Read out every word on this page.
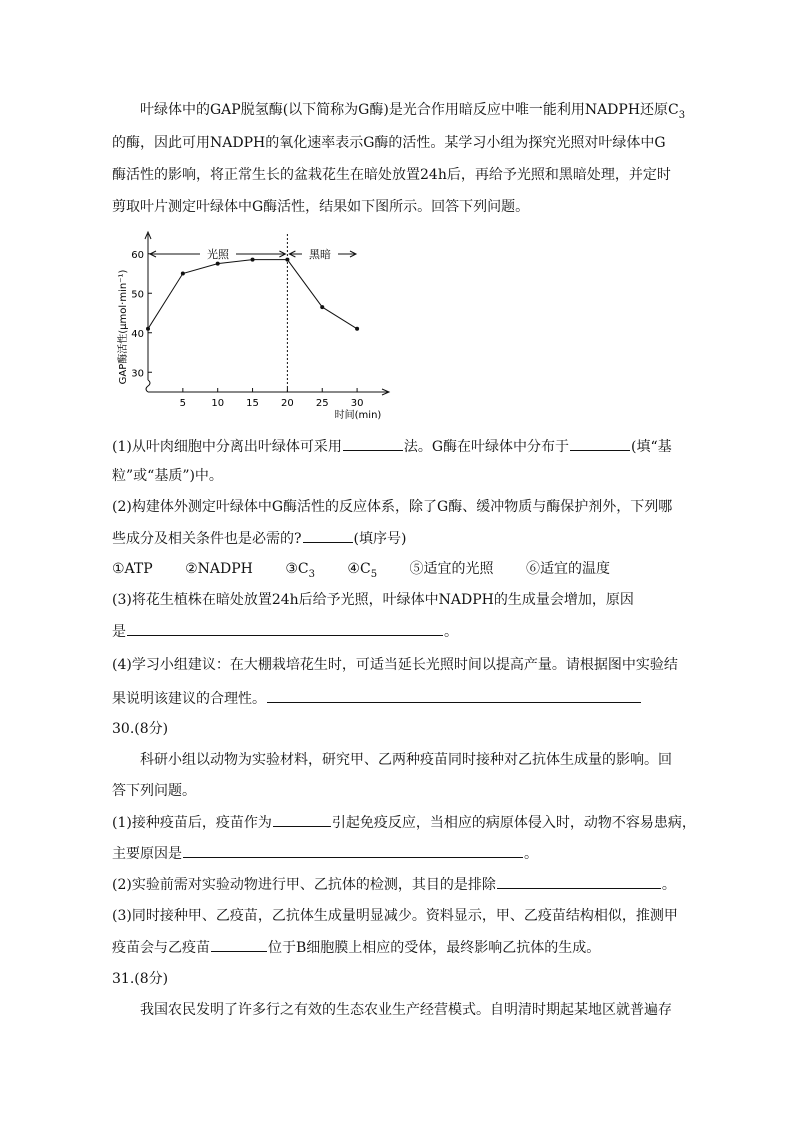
叶绿体中的GAP脱氢酶(以下简称为G酶)是光合作用暗反应中唯一能利用NADPH还原$C_3$
的酶，因此可用NADPH的氧化速率表示G酶的活性。某学习小组为探究光照对叶绿体中G
酶活性的影响，将正常生长的盆栽花生在暗处放置24h后，再给予光照和黑暗处理，并定时
剪取叶片测定叶绿体中G酶活性，结果如下图所示。回答下列问题。
30
40
50
60
5	10 15 20 25 30
GAP酶活性(μmol·min⁻¹)
时间(min)
光照	黑暗
(1)从叶肉细胞中分离出叶绿体可采用	法。G酶在叶绿体中分布于	(填“基
粒”或“基质”)中。
(2)构建体外测定叶绿体中G酶活性的反应体系，除了G酶、缓冲物质与酶保护剂外，下列哪
些成分及相关条件也是必需的?	(填序号)
①ATP ②NADPH $③C_3$ $④C_5$ ⑤适宜的光照 ⑥适宜的温度
(3)将花生植株在暗处放置24h后给予光照，叶绿体中NADPH的生成量会增加，原因
是	。
(4)学习小组建议：在大棚栽培花生时，可适当延长光照时间以提高产量。请根据图中实验结
果说明该建议的合理性。
30.(8分)
科研小组以动物为实验材料，研究甲、乙两种疫苗同时接种对乙抗体生成量的影响。回
答下列问题。
(1)接种疫苗后，疫苗作为	引起免疫反应，当相应的病原体侵入时，动物不容易患病，
主要原因是	。
(2)实验前需对实验动物进行甲、乙抗体的检测，其目的是排除	。
(3)同时接种甲、乙疫苗，乙抗体生成量明显减少。资料显示，甲、乙疫苗结构相似，推测甲
疫苗会与乙疫苗	位于B细胞膜上相应的受体，最终影响乙抗体的生成。
31.(8分)
我国农民发明了许多行之有效的生态农业生产经营模式。自明清时期起某地区就普遍存
